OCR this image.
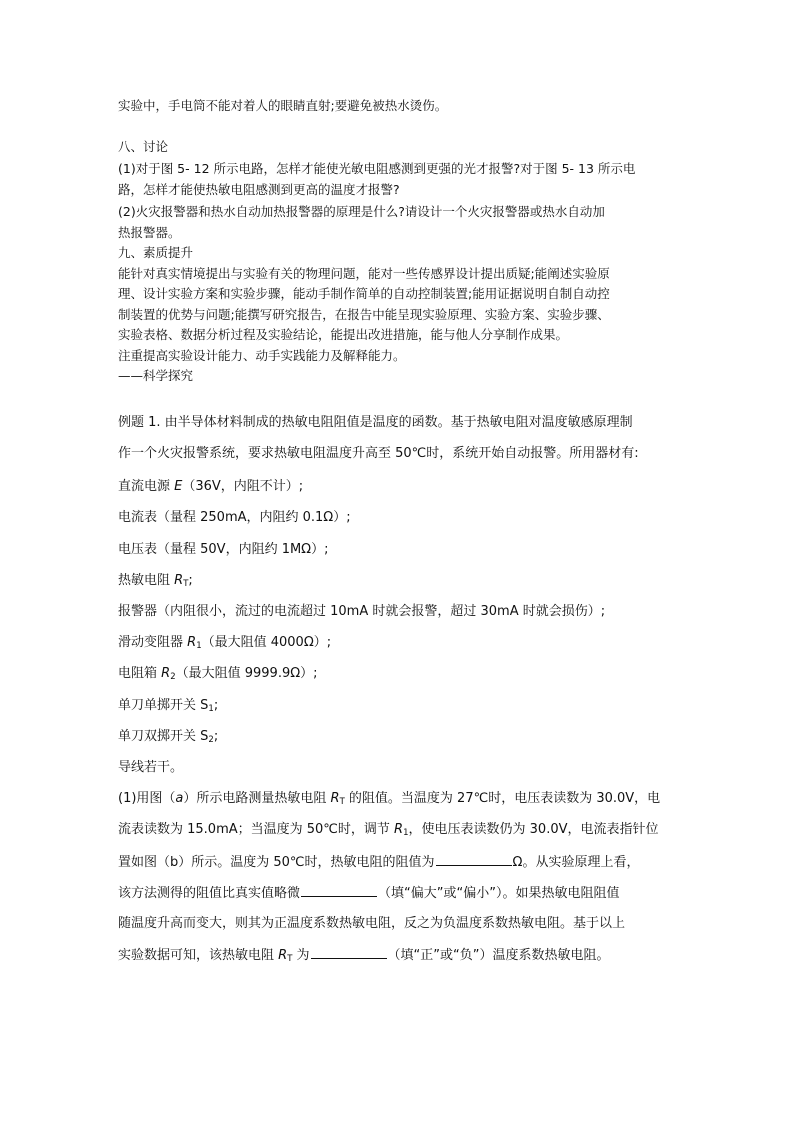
实验中，手电筒不能对着人的眼睛直射;要避免被热水烫伤。
八、讨论
(1)对于图 5- 12 所示电路，怎样才能使光敏电阻感测到更强的光才报警?对于图 5- 13 所示电
路，怎样才能使热敏电阻感测到更高的温度才报警?
(2)火灾报警器和热水自动加热报警器的原理是什么?请设计一个火灾报警器或热水自动加
热报警器。
九、素质提升
能针对真实情境提出与实验有关的物理问题，能对一些传感界设计提出质疑;能阐述实验原
理、设计实验方案和实验步骤，能动手制作简单的自动控制装置;能用证据说明自制自动控
制装置的优势与问题;能撰写研究报告，在报告中能呈现实验原理、实验方案、实验步骤、
实验表格、数据分析过程及实验结论，能提出改进措施，能与他人分享制作成果。
注重提高实验设计能力、动手实践能力及解释能力。
——科学探究
例题 1. 由半导体材料制成的热敏电阻阻值是温度的函数。基于热敏电阻对温度敏感原理制
作一个火灾报警系统，要求热敏电阻温度升高至 50℃时，系统开始自动报警。所用器材有:
直流电源 E（36V，内阻不计）;
电流表（量程 250mA，内阻约 0.1Ω）;
电压表（量程 50V，内阻约 1MΩ）;
热敏电阻 $R_T$;
报警器（内阻很小，流过的电流超过 10mA 时就会报警，超过 30mA 时就会损伤）;
滑动变阻器 $R_1$（最大阻值 4000Ω）;
电阻箱 $R_2$（最大阻值 9999.9Ω）;
单刀单掷开关 $S_1$;
单刀双掷开关 $S_2$;
导线若干。
(1)用图（a）所示电路测量热敏电阻 $R_T$ 的阻值。当温度为 27℃时，电压表读数为 30.0V，电
流表读数为 15.0mA；当温度为 50℃时，调节 $R_1$，使电压表读数仍为 30.0V，电流表指针位
置如图（b）所示。温度为 50℃时，热敏电阻的阻值为	Ω。从实验原理上看，
该方法测得的阻值比真实值略微	（填“偏大”或“偏小”）。如果热敏电阻阻值
随温度升高而变大，则其为正温度系数热敏电阻，反之为负温度系数热敏电阻。基于以上
实验数据可知，该热敏电阻 $R_T$ 为	（填“正”或“负”）温度系数热敏电阻。
